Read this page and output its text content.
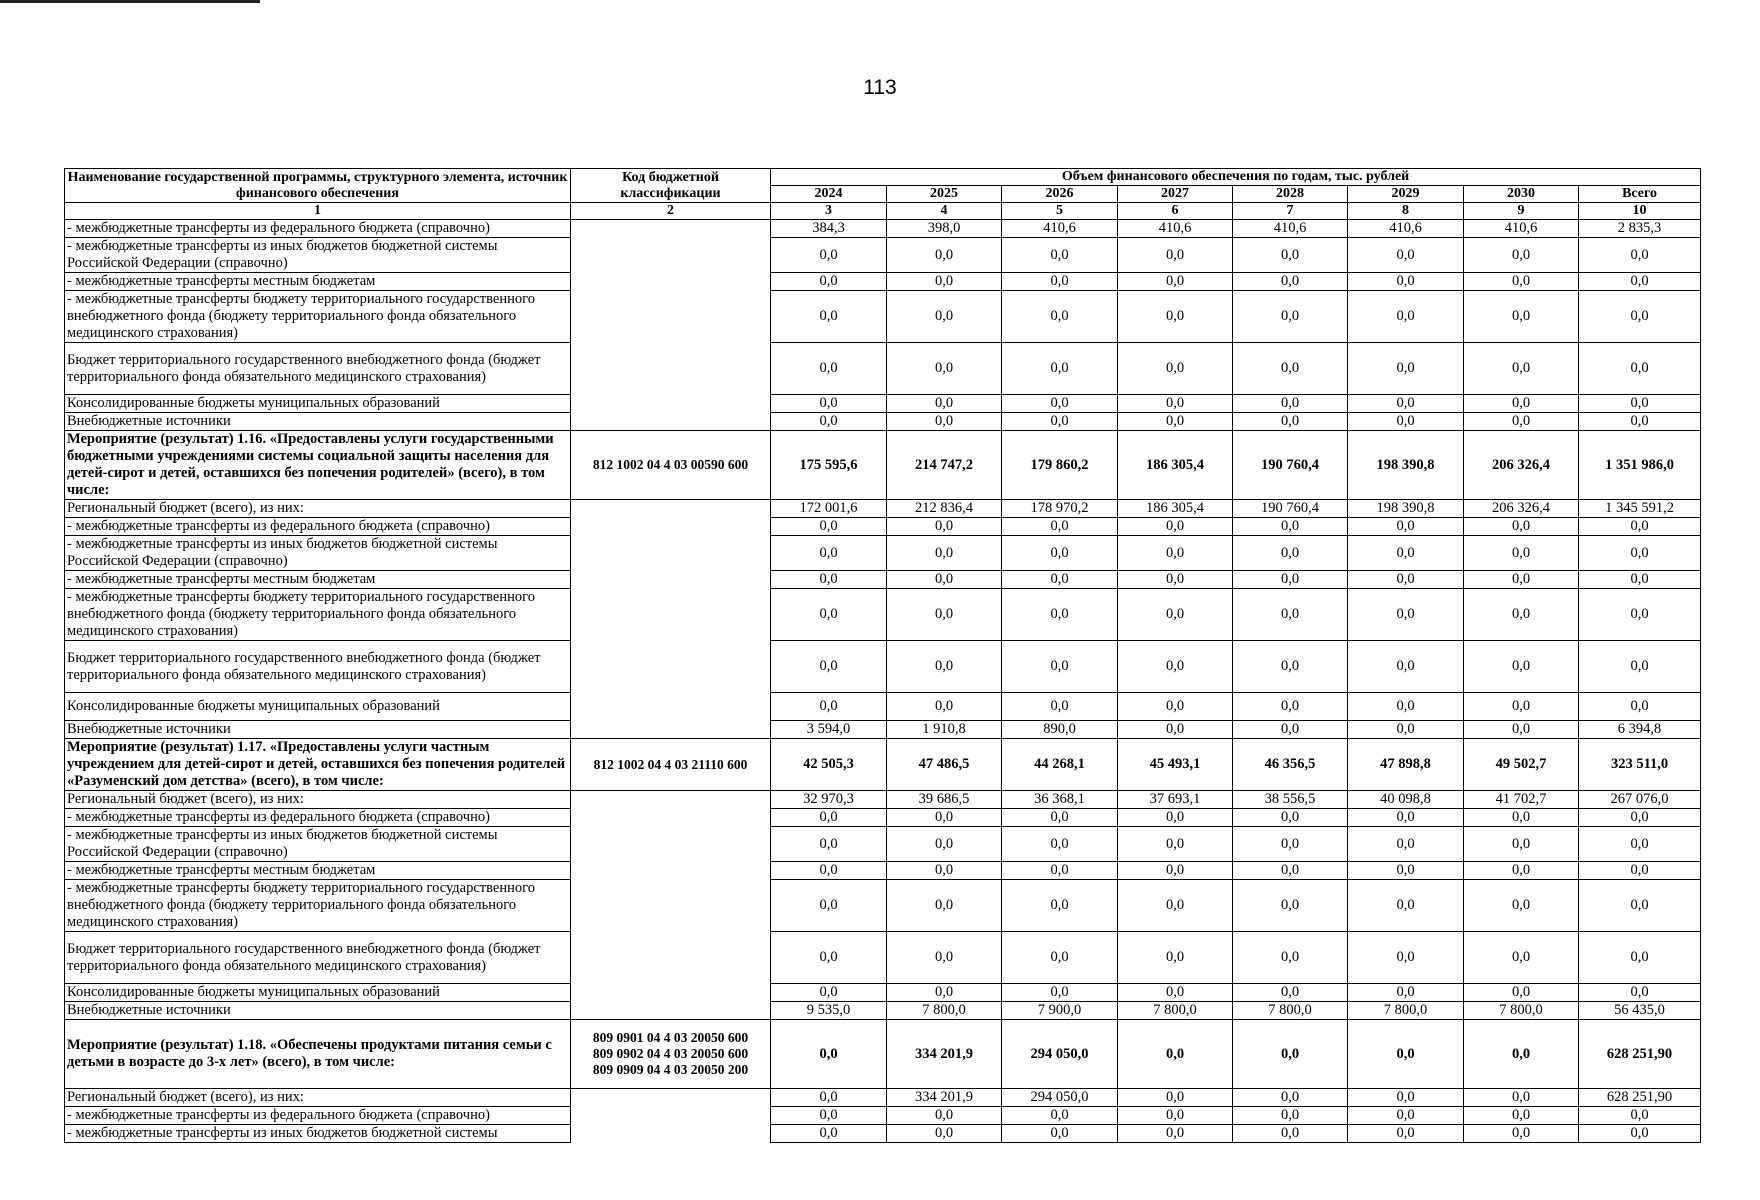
113
Наименование государственной программы, структурного элемента, источник финансового обеспечения	Код бюджетной классификации	Объем финансового обеспечения по годам, тыс. рублей							
		2024	2025	2026	2027	2028	2029	2030	Всего
1	2	3	4	5	6	7	8	9	10
- межбюджетные трансферты из федерального бюджета (справочно)		384,3	398,0	410,6	410,6	410,6	410,6	410,6	2 835,3
- межбюджетные трансферты из иных бюджетов бюджетной системы Российской Федерации (справочно)		0,0	0,0	0,0	0,0	0,0	0,0	0,0	0,0
- межбюджетные трансферты местным бюджетам		0,0	0,0	0,0	0,0	0,0	0,0	0,0	0,0
- межбюджетные трансферты бюджету территориального государственного внебюджетного фонда (бюджету территориального фонда обязательного медицинского страхования)		0,0	0,0	0,0	0,0	0,0	0,0	0,0	0,0
Бюджет территориального государственного внебюджетного фонда (бюджет территориального фонда обязательного медицинского страхования)		0,0	0,0	0,0	0,0	0,0	0,0	0,0	0,0
Консолидированные бюджеты муниципальных образований		0,0	0,0	0,0	0,0	0,0	0,0	0,0	0,0
Внебюджетные источники		0,0	0,0	0,0	0,0	0,0	0,0	0,0	0,0
Мероприятие (результат) 1.16. «Предоставлены услуги государственными бюджетными учреждениями системы социальной защиты населения для детей-сирот и детей, оставшихся без попечения родителей» (всего), в том числе:	812 1002 04 4 03 00590 600	175 595,6	214 747,2	179 860,2	186 305,4	190 760,4	198 390,8	206 326,4	1 351 986,0
Региональный бюджет (всего), из них:		172 001,6	212 836,4	178 970,2	186 305,4	190 760,4	198 390,8	206 326,4	1 345 591,2
- межбюджетные трансферты из федерального бюджета (справочно)		0,0	0,0	0,0	0,0	0,0	0,0	0,0	0,0
- межбюджетные трансферты из иных бюджетов бюджетной системы Российской Федерации (справочно)		0,0	0,0	0,0	0,0	0,0	0,0	0,0	0,0
- межбюджетные трансферты местным бюджетам		0,0	0,0	0,0	0,0	0,0	0,0	0,0	0,0
- межбюджетные трансферты бюджету территориального государственного внебюджетного фонда (бюджету территориального фонда обязательного медицинского страхования)		0,0	0,0	0,0	0,0	0,0	0,0	0,0	0,0
Бюджет территориального государственного внебюджетного фонда (бюджет территориального фонда обязательного медицинского страхования)		0,0	0,0	0,0	0,0	0,0	0,0	0,0	0,0
Консолидированные бюджеты муниципальных образований		0,0	0,0	0,0	0,0	0,0	0,0	0,0	0,0
Внебюджетные источники		3 594,0	1 910,8	890,0	0,0	0,0	0,0	0,0	6 394,8
Мероприятие (результат) 1.17. «Предоставлены услуги частным учреждением для детей-сирот и детей, оставшихся без попечения родителей «Разуменский дом детства» (всего), в том числе:	812 1002 04 4 03 21110 600	42 505,3	47 486,5	44 268,1	45 493,1	46 356,5	47 898,8	49 502,7	323 511,0
Региональный бюджет (всего), из них:		32 970,3	39 686,5	36 368,1	37 693,1	38 556,5	40 098,8	41 702,7	267 076,0
- межбюджетные трансферты из федерального бюджета (справочно)		0,0	0,0	0,0	0,0	0,0	0,0	0,0	0,0
- межбюджетные трансферты из иных бюджетов бюджетной системы Российской Федерации (справочно)		0,0	0,0	0,0	0,0	0,0	0,0	0,0	0,0
- межбюджетные трансферты местным бюджетам		0,0	0,0	0,0	0,0	0,0	0,0	0,0	0,0
- межбюджетные трансферты бюджету территориального государственного внебюджетного фонда (бюджету территориального фонда обязательного медицинского страхования)		0,0	0,0	0,0	0,0	0,0	0,0	0,0	0,0
Бюджет территориального государственного внебюджетного фонда (бюджет территориального фонда обязательного медицинского страхования)		0,0	0,0	0,0	0,0	0,0	0,0	0,0	0,0
Консолидированные бюджеты муниципальных образований		0,0	0,0	0,0	0,0	0,0	0,0	0,0	0,0
Внебюджетные источники		9 535,0	7 800,0	7 900,0	7 800,0	7 800,0	7 800,0	7 800,0	56 435,0
Мероприятие (результат) 1.18. «Обеспечены продуктами питания семьи с детьми в возрасте до 3-х лет» (всего), в том числе:	809 0901 04 4 03 20050 600
809 0902 04 4 03 20050 600
809 0909 04 4 03 20050 200	0,0	334 201,9	294 050,0	0,0	0,0	0,0	0,0	628 251,90
Региональный бюджет (всего), из них:		0,0	334 201,9	294 050,0	0,0	0,0	0,0	0,0	628 251,90
- межбюджетные трансферты из федерального бюджета (справочно)		0,0	0,0	0,0	0,0	0,0	0,0	0,0	0,0
- межбюджетные трансферты из иных бюджетов бюджетной системы		0,0	0,0	0,0	0,0	0,0	0,0	0,0	0,0
